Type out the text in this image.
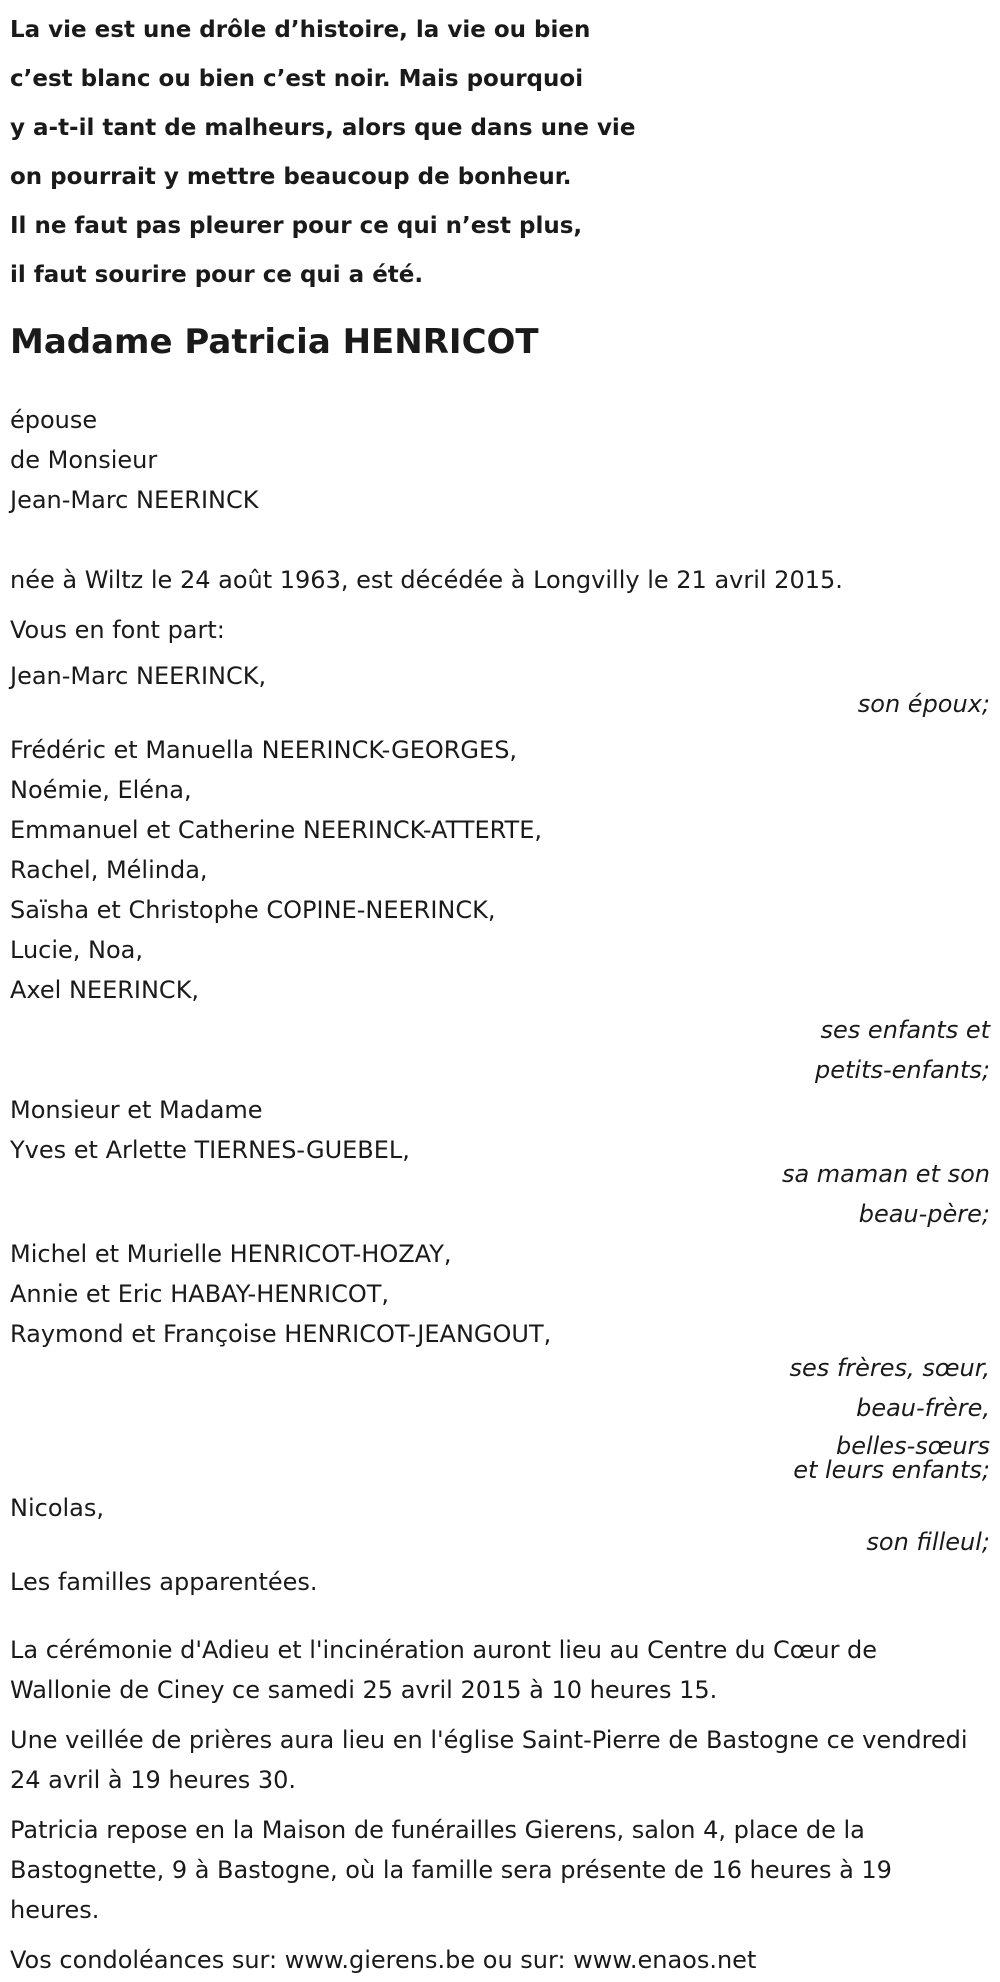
La vie est une drôle d’histoire, la vie ou bien
c’est blanc ou bien c’est noir. Mais pourquoi
y a-t-il tant de malheurs, alors que dans une vie
on pourrait y mettre beaucoup de bonheur.
Il ne faut pas pleurer pour ce qui n’est plus,
il faut sourire pour ce qui a été.
Madame Patricia HENRICOT
épouse
de Monsieur
Jean-Marc NEERINCK
née à Wiltz le 24 août 1963, est décédée à Longvilly le 21 avril 2015.
Vous en font part:
Jean-Marc NEERINCK,
son époux;
Frédéric et Manuella NEERINCK-GEORGES,
Noémie, Eléna,
Emmanuel et Catherine NEERINCK-ATTERTE,
Rachel, Mélinda,
Saïsha et Christophe COPINE-NEERINCK,
Lucie, Noa,
Axel NEERINCK,
ses enfants et
petits-enfants;
Monsieur et Madame
Yves et Arlette TIERNES-GUEBEL,
sa maman et son
beau-père;
Michel et Murielle HENRICOT-HOZAY,
Annie et Eric HABAY-HENRICOT,
Raymond et Françoise HENRICOT-JEANGOUT,
ses frères, sœur,
beau-frère,
belles-sœurs
et leurs enfants;
Nicolas,
son filleul;
Les familles apparentées.
La cérémonie d'Adieu et l'incinération auront lieu au Centre du Cœur de Wallonie de Ciney ce samedi 25 avril 2015 à 10 heures 15.
Une veillée de prières aura lieu en l'église Saint-Pierre de Bastogne ce vendredi 24 avril à 19 heures 30.
Patricia repose en la Maison de funérailles Gierens, salon 4, place de la Bastognette, 9 à Bastogne, où la famille sera présente de 16 heures à 19 heures.
Vos condoléances sur: www.gierens.be ou sur: www.enaos.net
